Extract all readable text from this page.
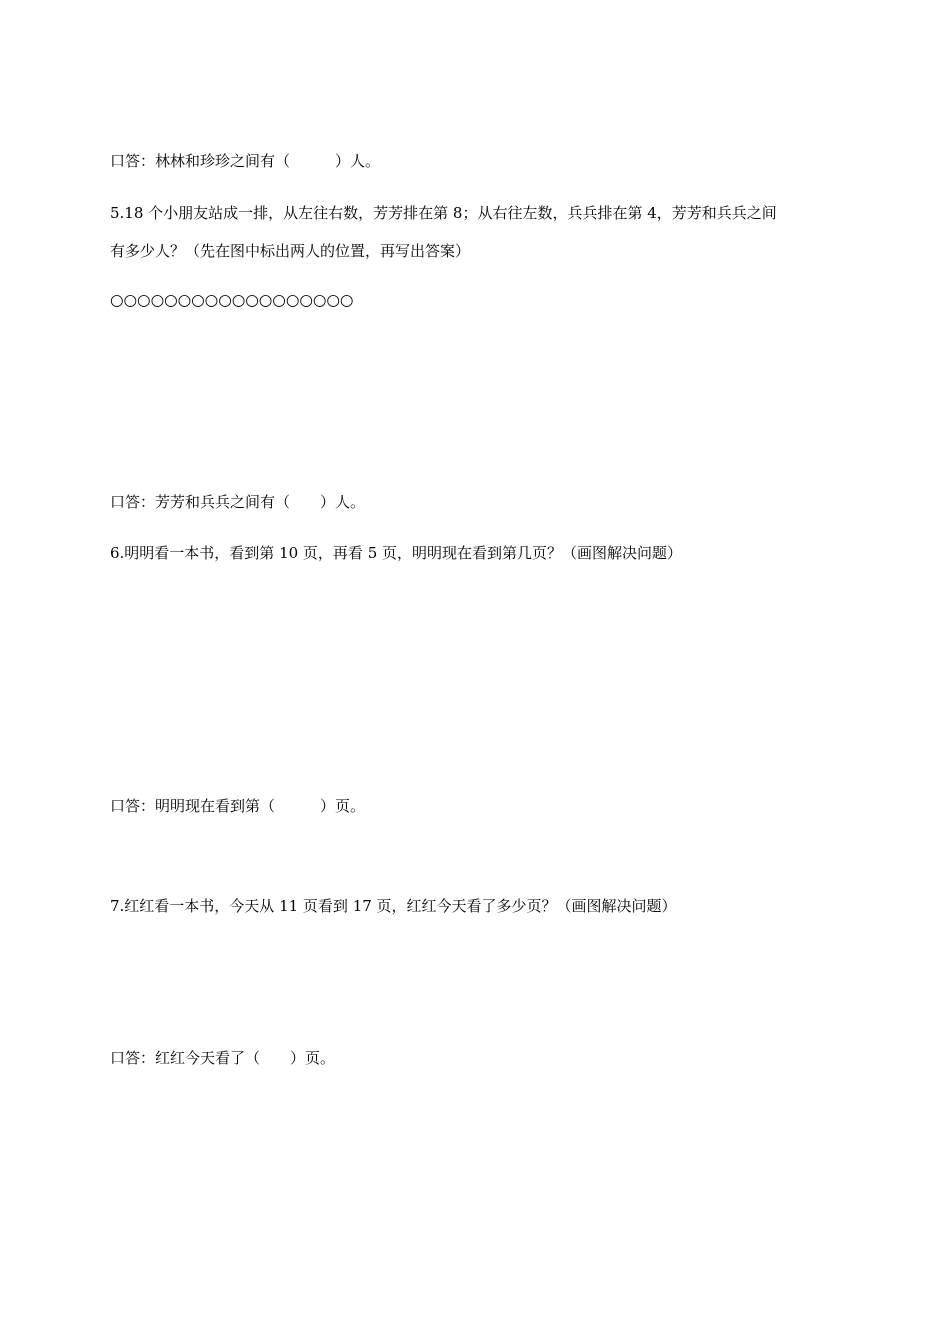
口答：林林和珍珍之间有（　　　）人。

5.18 个小朋友站成一排，从左往右数，芳芳排在第 8；从右往左数，兵兵排在第 4，芳芳和兵兵之间

有多少人？（先在图中标出两人的位置，再写出答案）

○○○○○○○○○○○○○○○○○○

口答：芳芳和兵兵之间有（　　）人。

6.明明看一本书，看到第 10 页，再看 5 页，明明现在看到第几页？（画图解决问题）

口答：明明现在看到第（　　　）页。

7.红红看一本书，今天从 11 页看到 17 页，红红今天看了多少页？（画图解决问题）

口答：红红今天看了（　　）页。
